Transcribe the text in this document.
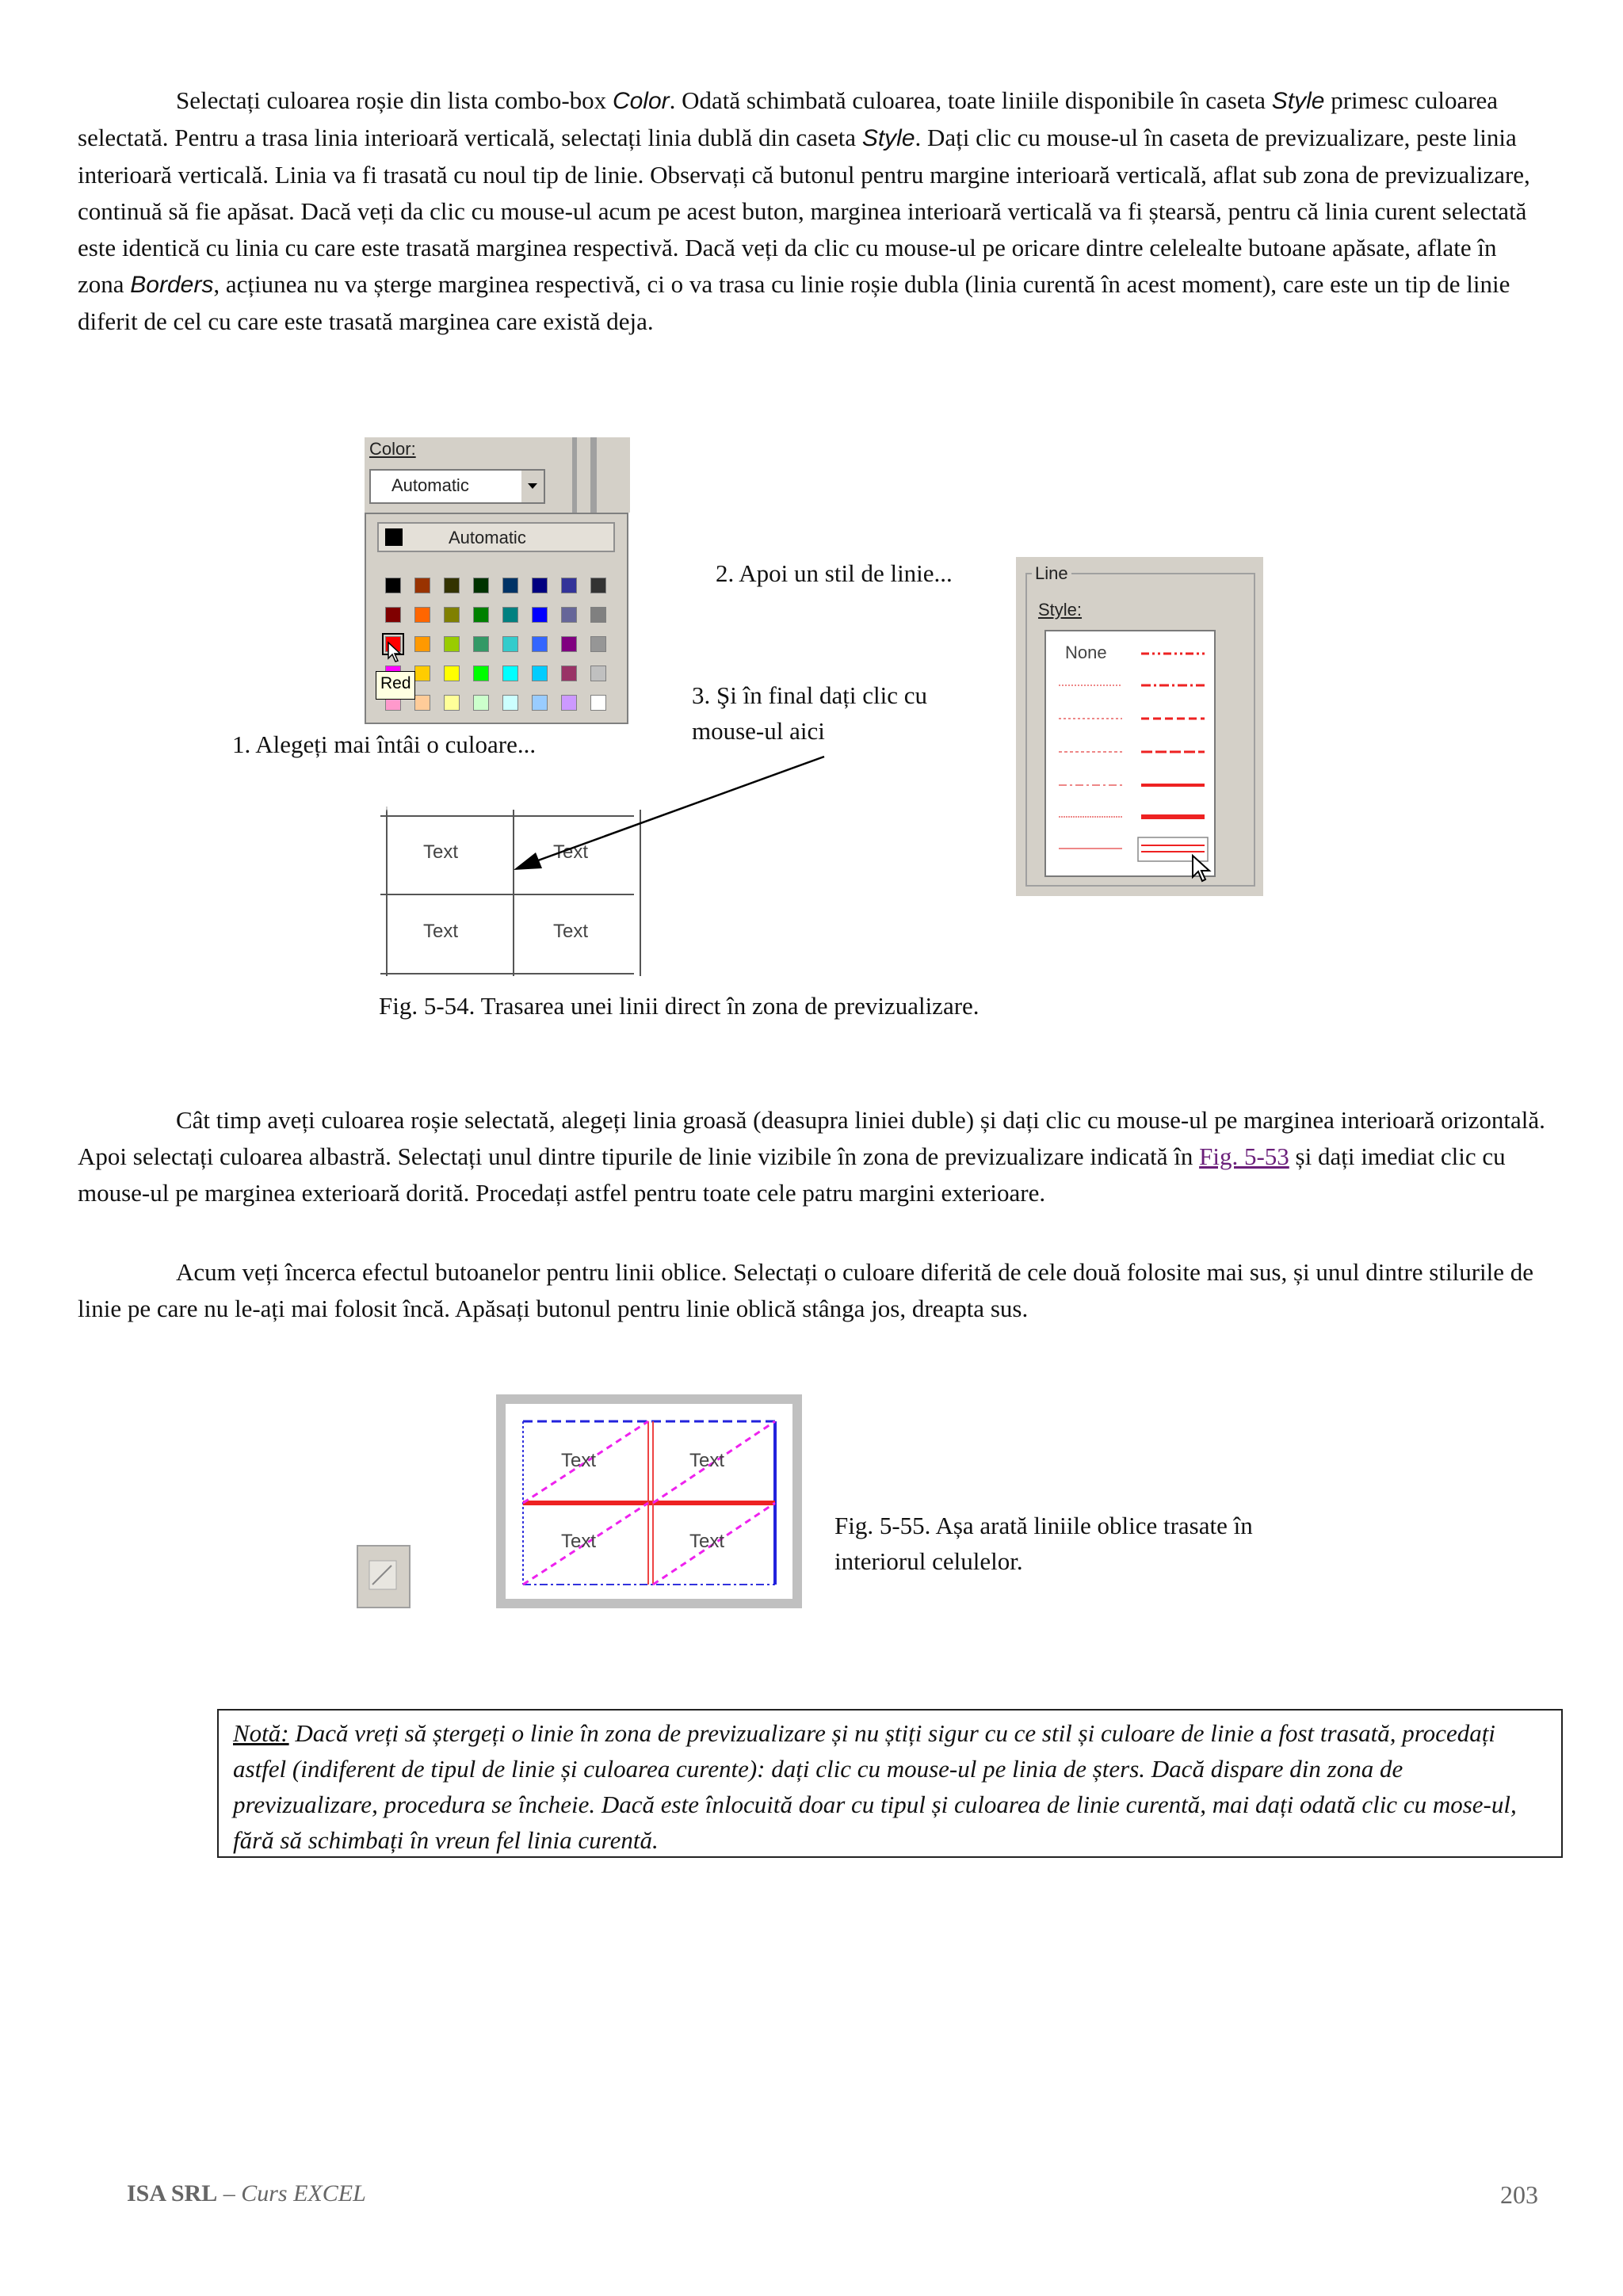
Selectați culoarea roșie din lista combo-box Color. Odată schimbată culoarea, toate liniile disponibile în caseta Style primesc culoarea selectată. Pentru a trasa linia interioară verticală, selectați linia dublă din caseta Style. Dați clic cu mouse-ul în caseta de previzualizare, peste linia interioară verticală. Linia va fi trasată cu noul tip de linie. Observați că butonul pentru margine interioară verticală, aflat sub zona de previzualizare, continuă să fie apăsat. Dacă veți da clic cu mouse-ul acum pe acest buton, marginea interioară verticală va fi ștearsă, pentru că linia curent selectată este identică cu linia cu care este trasată marginea respectivă. Dacă veți da clic cu mouse-ul pe oricare dintre celelealte butoane apăsate, aflate în zona Borders, acțiunea nu va șterge marginea respectivă, ci o va trasa cu linie roșie dubla (linia curentă în acest moment), care este un tip de linie diferit de cel cu care este trasată marginea care există deja.
Color:
Automatic
Automatic
Red
1. Alegeți mai întâi o culoare...
2. Apoi un stil de linie...
3. Şi în final dați clic cu
mouse-ul aici
Line
Style:
None
Text	Text
Text	Text
Fig. 5-54. Trasarea unei linii direct în zona de previzualizare.
Cât timp aveți culoarea roșie selectată, alegeți linia groasă (deasupra liniei duble) și dați clic cu mouse-ul pe marginea interioară orizontală. Apoi selectați culoarea albastră. Selectați unul dintre tipurile de linie vizibile în zona de previzualizare indicată în Fig. 5-53 și dați imediat clic cu mouse-ul pe marginea exterioară dorită. Procedați astfel pentru toate cele patru margini exterioare.
Acum veți încerca efectul butoanelor pentru linii oblice. Selectați o culoare diferită de cele două folosite mai sus, și unul dintre stilurile de linie pe care nu le-ați mai folosit încă. Apăsați butonul pentru linie oblică stânga jos, dreapta sus.
Text	Text
Text	Text
Fig. 5-55. Așa arată liniile oblice trasate în
interiorul celulelor.
Notă: Dacă vreți să ștergeți o linie în zona de previzualizare și nu știți sigur cu ce stil și culoare de linie a fost trasată, procedați astfel (indiferent de tipul de linie și culoarea curente): dați clic cu mouse-ul pe linia de șters. Dacă dispare din zona de previzualizare, procedura se încheie. Dacă este înlocuită doar cu tipul și culoarea de linie curentă, mai dați odată clic cu mose-ul, fără să schimbați în vreun fel linia curentă.
ISA SRL – Curs EXCEL	203
